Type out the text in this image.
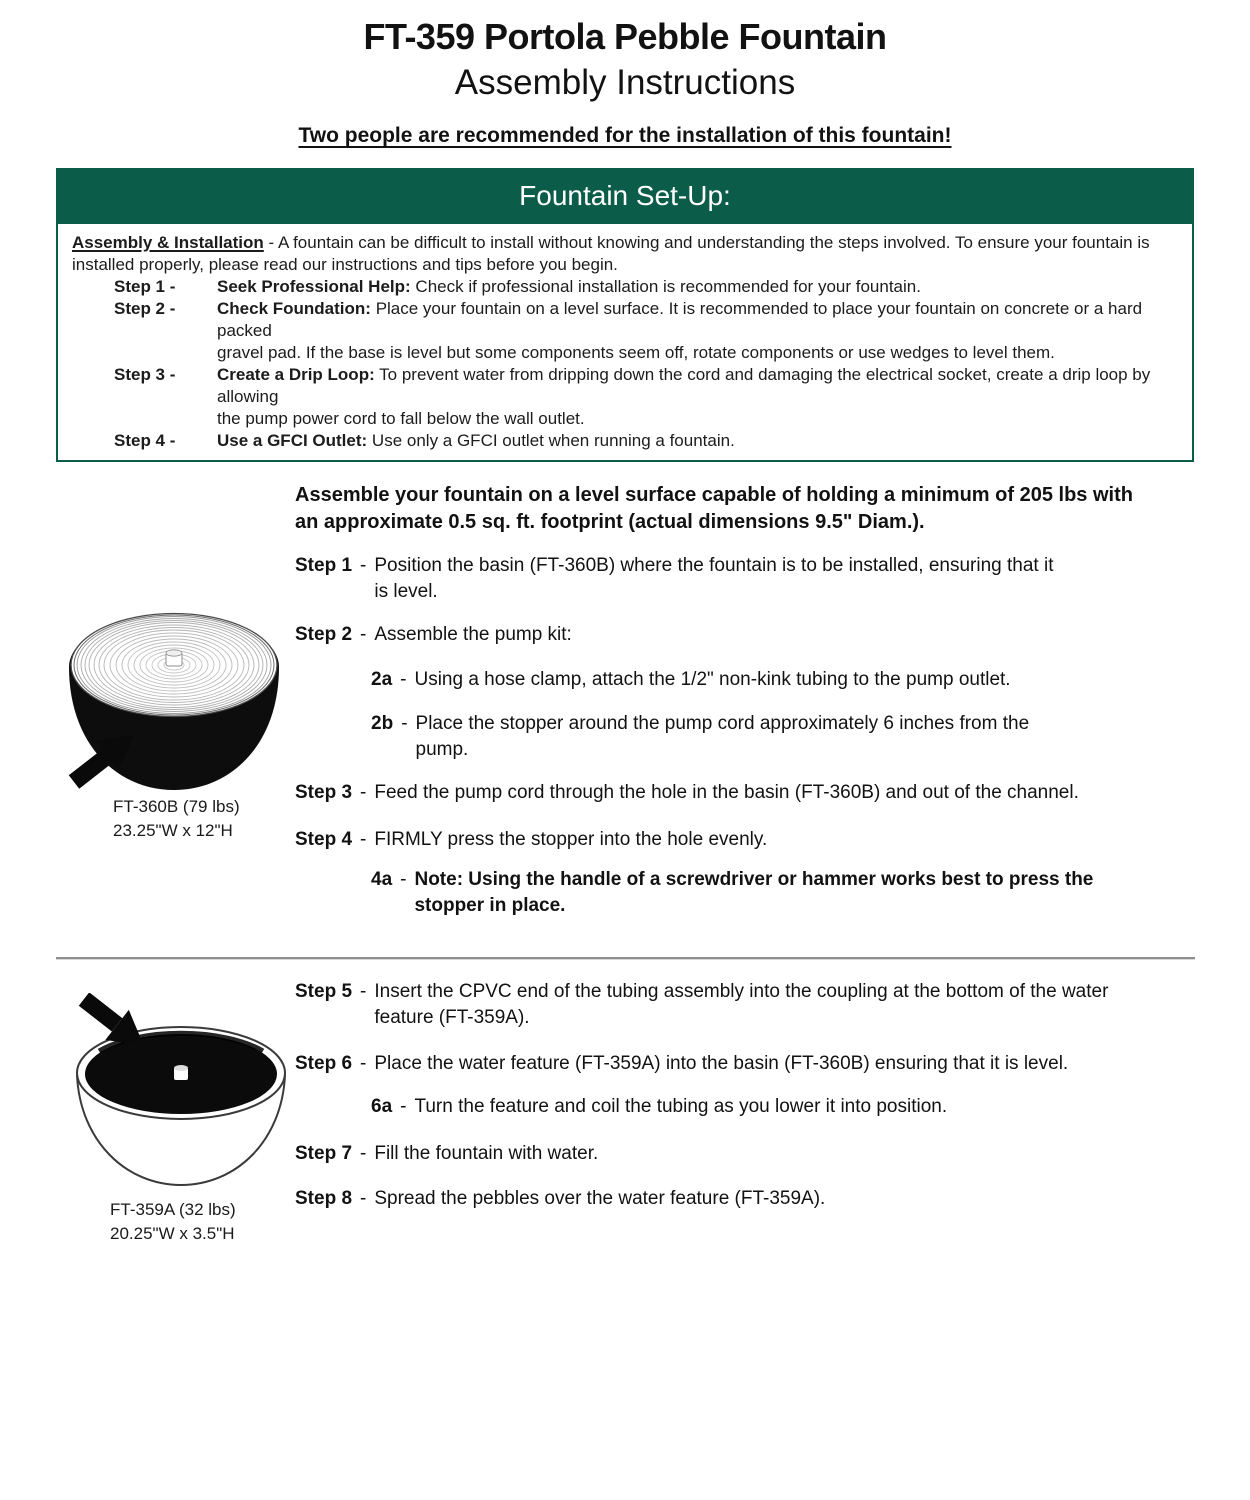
FT-359 Portola Pebble Fountain
Assembly Instructions
Two people are recommended for the installation of this fountain!
Fountain Set-Up:
Assembly & Installation - A fountain can be difficult to install without knowing and understanding the steps involved. To ensure your fountain is
installed properly, please read our instructions and tips before you begin.
Step 1 -	Seek Professional Help: Check if professional installation is recommended for your fountain.
Step 2 -	Check Foundation: Place your fountain on a level surface. It is recommended to place your fountain on concrete or a hard packed
gravel pad. If the base is level but some components seem off, rotate components or use wedges to level them.
Step 3 -	Create a Drip Loop: To prevent water from dripping down the cord and damaging the electrical socket, create a drip loop by allowing
the pump power cord to fall below the wall outlet.
Step 4 -	Use a GFCI Outlet: Use only a GFCI outlet when running a fountain.
FT-360B (79 lbs)
23.25"W x 12"H
FT-359A (32 lbs)
20.25"W x 3.5"H
Assemble your fountain on a level surface capable of holding a minimum of 205 lbs with
an approximate 0.5 sq. ft. footprint (actual dimensions 9.5" Diam.).
Step 1 - Position the basin (FT-360B) where the fountain is to be installed, ensuring that it
is level.
Step 2 - Assemble the pump kit:
2a - Using a hose clamp, attach the 1/2" non-kink tubing to the pump outlet.
2b - Place the stopper around the pump cord approximately 6 inches from the
pump.
Step 3 - Feed the pump cord through the hole in the basin (FT-360B) and out of the channel.
Step 4 - FIRMLY press the stopper into the hole evenly.
4a - Note: Using the handle of a screwdriver or hammer works best to press the
stopper in place.
Step 5 - Insert the CPVC end of the tubing assembly into the coupling at the bottom of the water
feature (FT-359A).
Step 6 - Place the water feature (FT-359A) into the basin (FT-360B) ensuring that it is level.
6a - Turn the feature and coil the tubing as you lower it into position.
Step 7 - Fill the fountain with water.
Step 8 - Spread the pebbles over the water feature (FT-359A).
